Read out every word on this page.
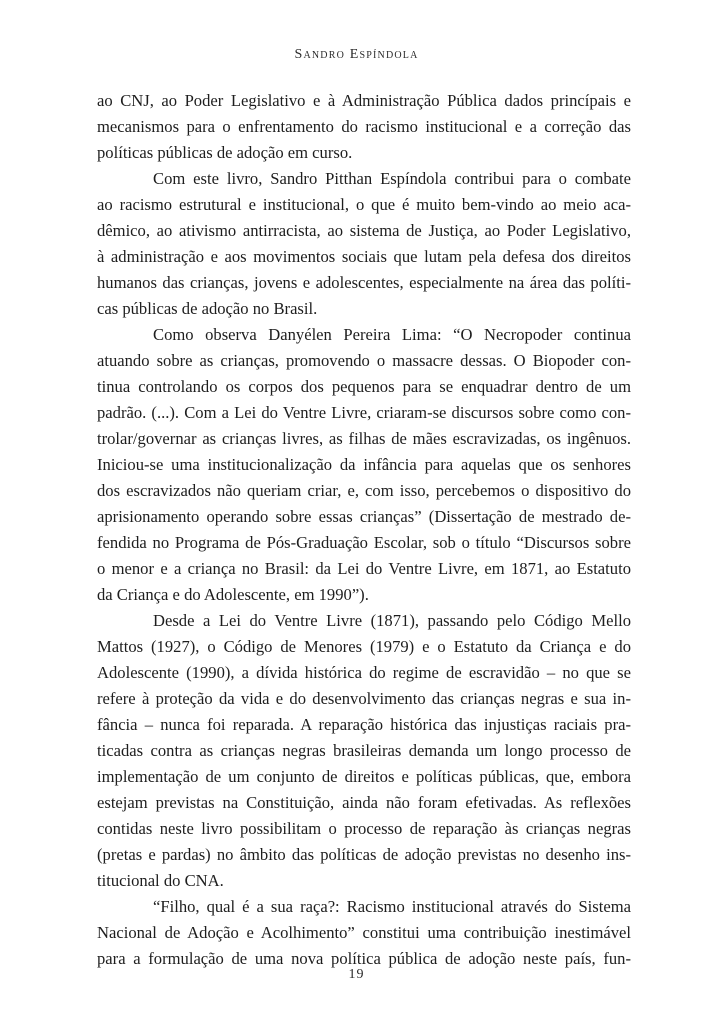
Sandro Espíndola
ao CNJ, ao Poder Legislativo e à Administração Pública dados princípais e
mecanismos para o enfrentamento do racismo institucional e a correção das
políticas públicas de adoção em curso.
Com este livro, Sandro Pitthan Espíndola contribui para o combate
ao racismo estrutural e institucional, o que é muito bem-vindo ao meio aca-
dêmico, ao ativismo antirracista, ao sistema de Justiça, ao Poder Legislativo,
à administração e aos movimentos sociais que lutam pela defesa dos direitos
humanos das crianças, jovens e adolescentes, especialmente na área das políti-
cas públicas de adoção no Brasil.
Como observa Danyélen Pereira Lima: “O Necropoder continua
atuando sobre as crianças, promovendo o massacre dessas. O Biopoder con-
tinua controlando os corpos dos pequenos para se enquadrar dentro de um
padrão. (...). Com a Lei do Ventre Livre, criaram-se discursos sobre como con-
trolar/governar as crianças livres, as filhas de mães escravizadas, os ingênuos.
Iniciou-se uma institucionalização da infância para aquelas que os senhores
dos escravizados não queriam criar, e, com isso, percebemos o dispositivo do
aprisionamento operando sobre essas crianças” (Dissertação de mestrado de-
fendida no Programa de Pós-Graduação Escolar, sob o título “Discursos sobre
o menor e a criança no Brasil: da Lei do Ventre Livre, em 1871, ao Estatuto
da Criança e do Adolescente, em 1990”).
Desde a Lei do Ventre Livre (1871), passando pelo Código Mello
Mattos (1927), o Código de Menores (1979) e o Estatuto da Criança e do
Adolescente (1990), a dívida histórica do regime de escravidão – no que se
refere à proteção da vida e do desenvolvimento das crianças negras e sua in-
fância – nunca foi reparada. A reparação histórica das injustiças raciais pra-
ticadas contra as crianças negras brasileiras demanda um longo processo de
implementação de um conjunto de direitos e políticas públicas, que, embora
estejam previstas na Constituição, ainda não foram efetivadas. As reflexões
contidas neste livro possibilitam o processo de reparação às crianças negras
(pretas e pardas) no âmbito das políticas de adoção previstas no desenho ins-
titucional do CNA.
“Filho, qual é a sua raça?: Racismo institucional através do Sistema
Nacional de Adoção e Acolhimento” constitui uma contribuição inestimável
para a formulação de uma nova política pública de adoção neste país, fun-
19
